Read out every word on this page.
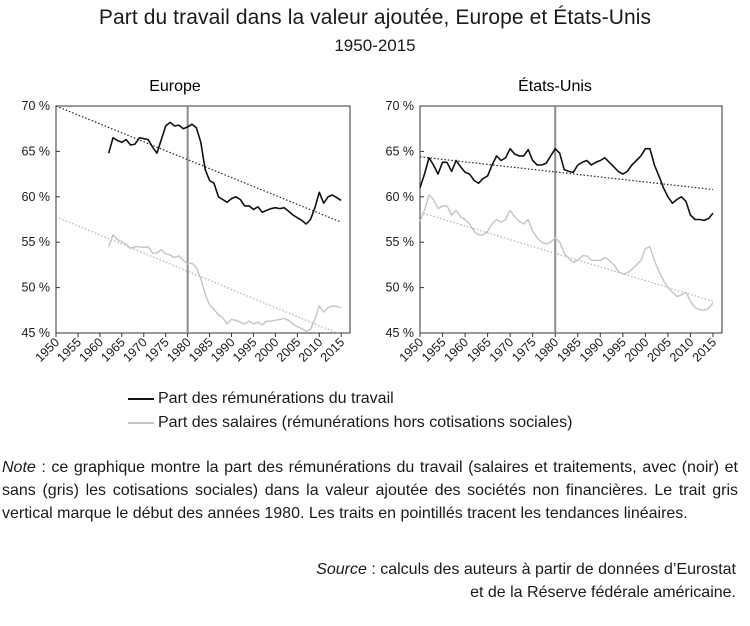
Part du travail dans la valeur ajoutée, Europe et États-Unis
1950-2015
Europe
45 %
50 %
55 %
60 %
65 %
70 %
1950
1955
1960
1965
1970
1975
1980
1985
1990
1995
2000
2005
2010
2015
États-Unis
45 %
50 %
55 %
60 %
65 %
70 %
1950
1955
1960
1965
1970
1975
1980
1985
1990
1995
2000
2005
2010
2015
Part des rémunérations du travail
Part des salaires (rémunérations hors cotisations sociales)
Note : ce graphique montre la part des rémunérations du travail (salaires et traitements, avec (noir) et sans (gris) les cotisations sociales) dans la valeur ajoutée des sociétés non financières. Le trait gris vertical marque le début des années 1980. Les traits en pointillés tracent les tendances linéaires.
Source : calculs des auteurs à partir de données d’Eurostat
et de la Réserve fédérale américaine.
